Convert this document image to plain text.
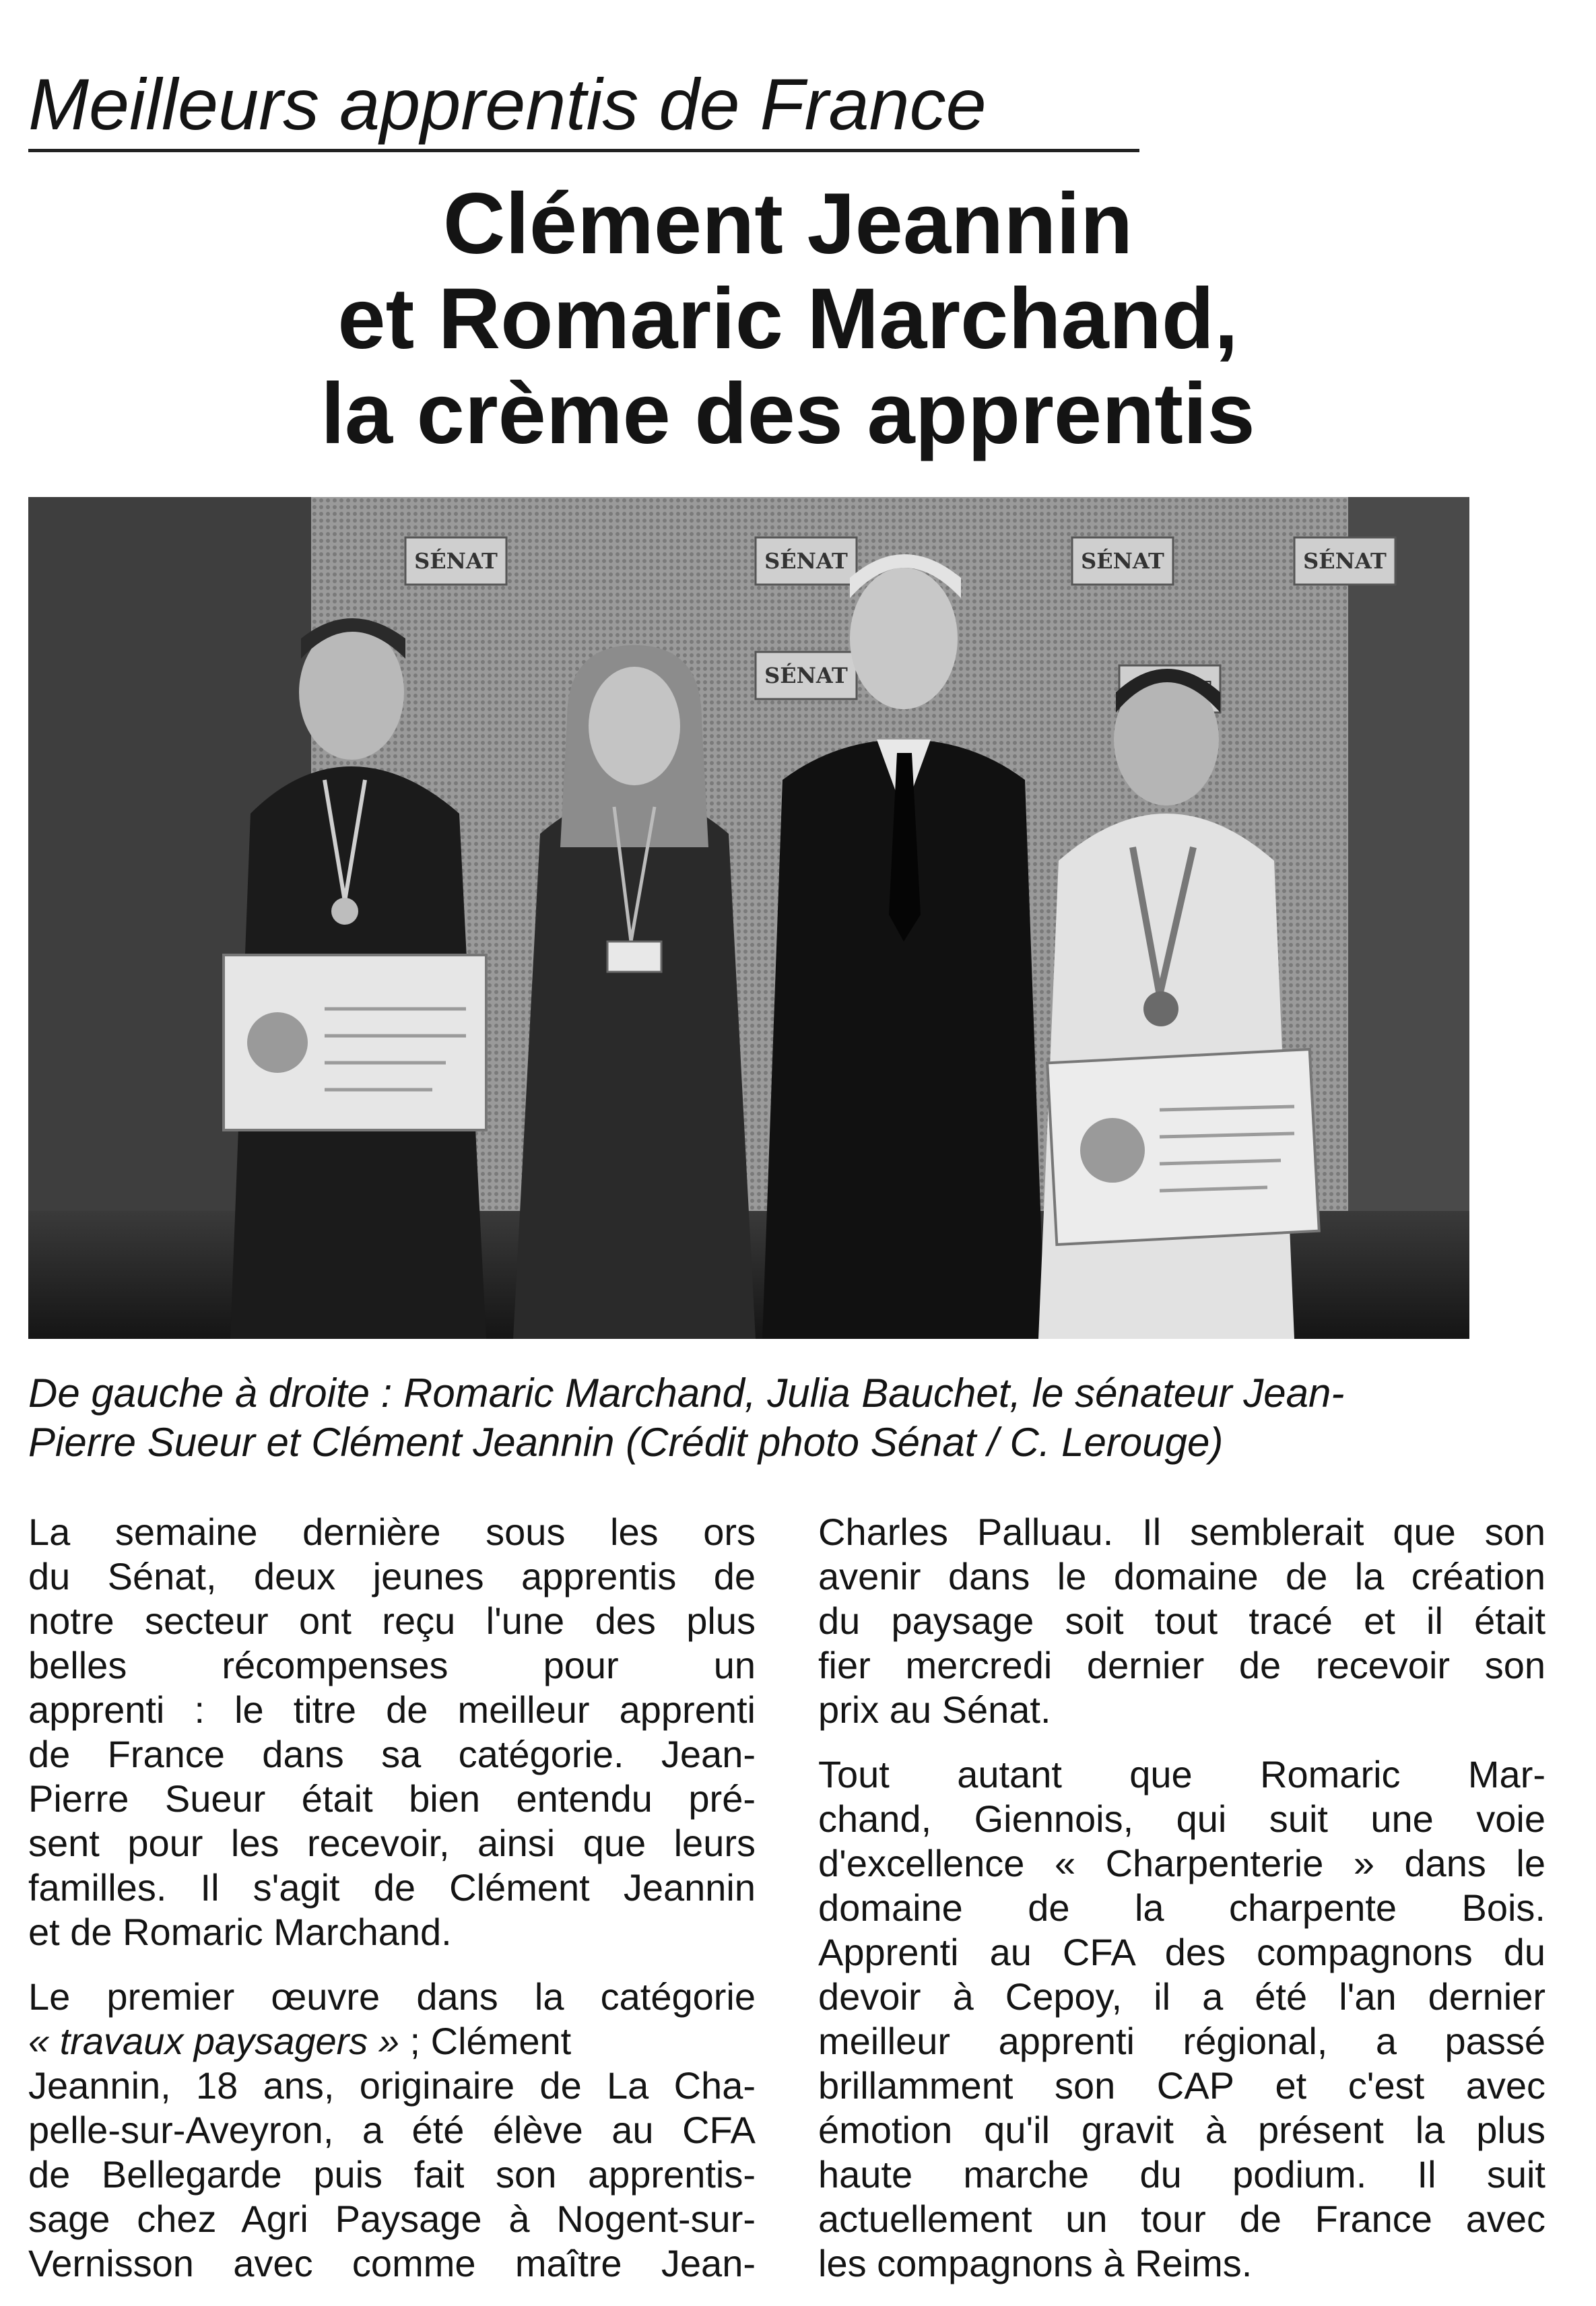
Meilleurs apprentis de France
Clément Jeannin
et Romaric Marchand,
la crème des apprentis
SÉNAT	SÉNAT	SÉNAT
SÉNAT
SÉNAT
De gauche à droite : Romaric Marchand, Julia Bauchet, le sénateur Jean-
Pierre Sueur et Clément Jeannin (Crédit photo Sénat / C. Lerouge)

La semaine dernière sous les ors
du Sénat, deux jeunes apprentis de
notre secteur ont reçu l'une des plus
belles récompenses pour un
apprenti : le titre de meilleur apprenti
de France dans sa catégorie. Jean-
Pierre Sueur était bien entendu pré-
sent pour les recevoir, ainsi que leurs
familles. Il s'agit de Clément Jeannin
et de Romaric Marchand.

Le premier œuvre dans la catégorie
« travaux paysagers » ; Clément
Jeannin, 18 ans, originaire de La Cha-
pelle-sur-Aveyron, a été élève au CFA
de Bellegarde puis fait son apprentis-
sage chez Agri Paysage à Nogent-sur-
Vernisson avec comme maître Jean-

Charles Palluau. Il semblerait que son
avenir dans le domaine de la création
du paysage soit tout tracé et il était
fier mercredi dernier de recevoir son
prix au Sénat.

Tout autant que Romaric Mar-
chand, Giennois, qui suit une voie
d'excellence « Charpenterie » dans le
domaine de la charpente Bois.
Apprenti au CFA des compagnons du
devoir à Cepoy, il a été l'an dernier
meilleur apprenti régional, a passé
brillamment son CAP et c'est avec
émotion qu'il gravit à présent la plus
haute marche du podium. Il suit
actuellement un tour de France avec
les compagnons à Reims.
